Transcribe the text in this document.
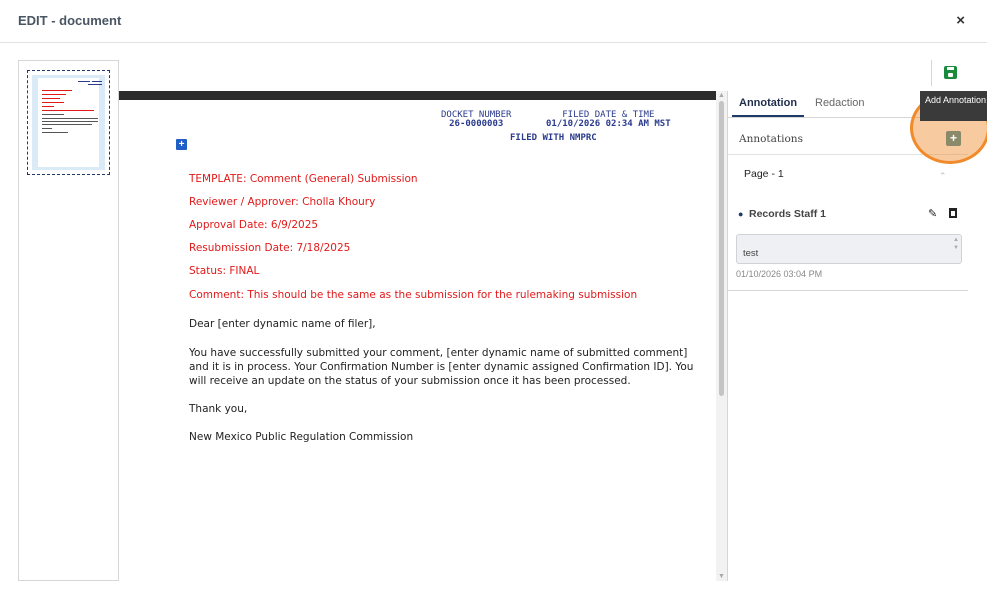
EDIT - document	×
DOCKET NUMBER
26-0000003
FILED DATE & TIME
01/10/2026 02:34 AM MST
FILED WITH NMPRC
+
TEMPLATE: Comment (General) Submission
Reviewer / Approver: Cholla Khoury
Approval Date: 6/9/2025
Resubmission Date: 7/18/2025
Status: FINAL
Comment: This should be the same as the submission for the rulemaking submission
Dear [enter dynamic name of filer],
You have successfully submitted your comment, [enter dynamic name of submitted comment]
and it is in process. Your Confirmation Number is [enter dynamic assigned Confirmation ID]. You
will receive an update on the status of your submission once it has been processed.
Thank you,
New Mexico Public Regulation Commission
▲
▼
Annotation Redaction
Annotations
Page - 1	⌃
● Records Staff 1	✎
test
▲
▼
01/10/2026 03:04 PM
Add Annotation
+
